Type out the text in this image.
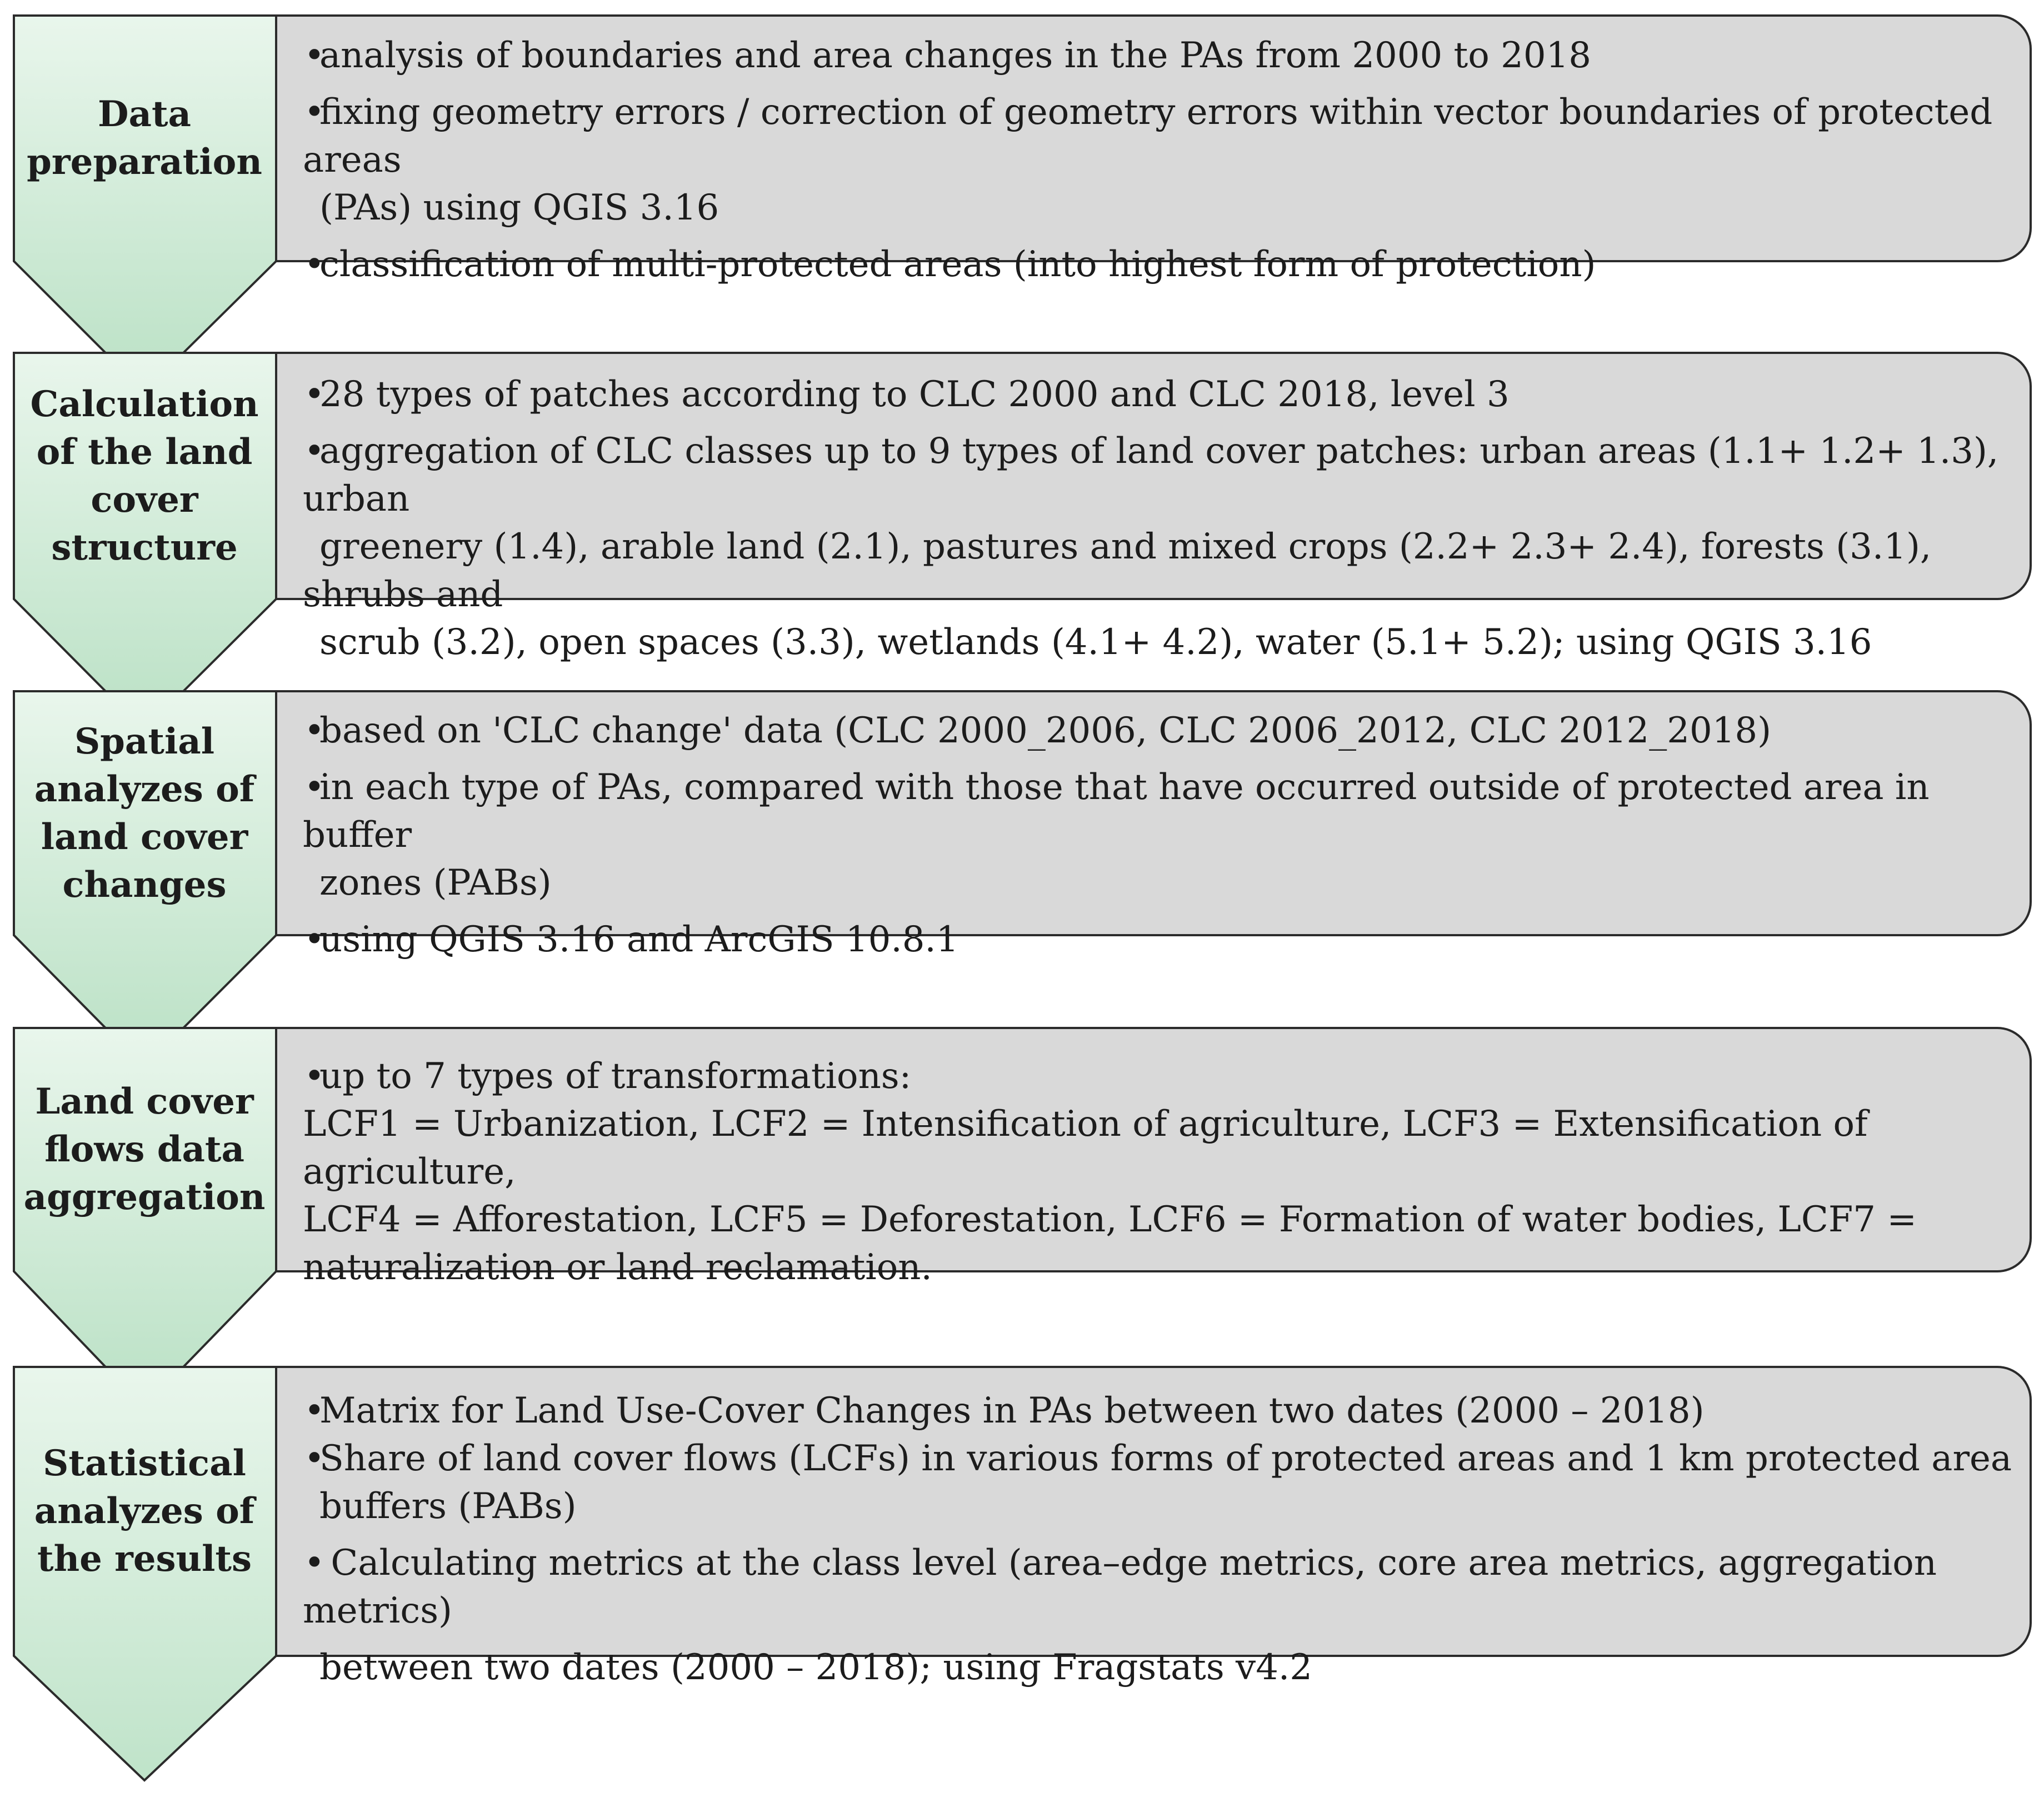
Data preparation
•analysis of boundaries and area changes in the PAs from 2000 to 2018
•fixing geometry errors / correction of geometry errors within vector boundaries of protected areas
(PAs) using QGIS 3.16
•classification of multi-protected areas (into highest form of protection)
Calculation of the land cover structure
•28 types of patches according to CLC 2000 and CLC 2018, level 3
•aggregation of CLC classes up to 9 types of land cover patches: urban areas (1.1+ 1.2+ 1.3), urban
greenery (1.4), arable land (2.1), pastures and mixed crops (2.2+ 2.3+ 2.4), forests (3.1), shrubs and
scrub (3.2), open spaces (3.3), wetlands (4.1+ 4.2), water (5.1+ 5.2); using QGIS 3.16
Spatial analyzes of land cover changes
•based on 'CLC change' data (CLC 2000_2006, CLC 2006_2012, CLC 2012_2018)
•in each type of PAs, compared with those that have occurred outside of protected area in buffer
zones (PABs)
•using QGIS 3.16 and ArcGIS 10.8.1
Land cover flows data aggregation
•up to 7 types of transformations:
LCF1 = Urbanization, LCF2 = Intensification of agriculture, LCF3 = Extensification of agriculture,
LCF4 = Afforestation, LCF5 = Deforestation, LCF6 = Formation of water bodies, LCF7 =
naturalization or land reclamation.
Statistical analyzes of the results
•Matrix for Land Use-Cover Changes in PAs between two dates (2000 – 2018)
•Share of land cover flows (LCFs) in various forms of protected areas and 1 km protected area
buffers (PABs)
• Calculating metrics at the class level (area–edge metrics, core area metrics, aggregation metrics)
between two dates (2000 – 2018); using Fragstats v4.2
